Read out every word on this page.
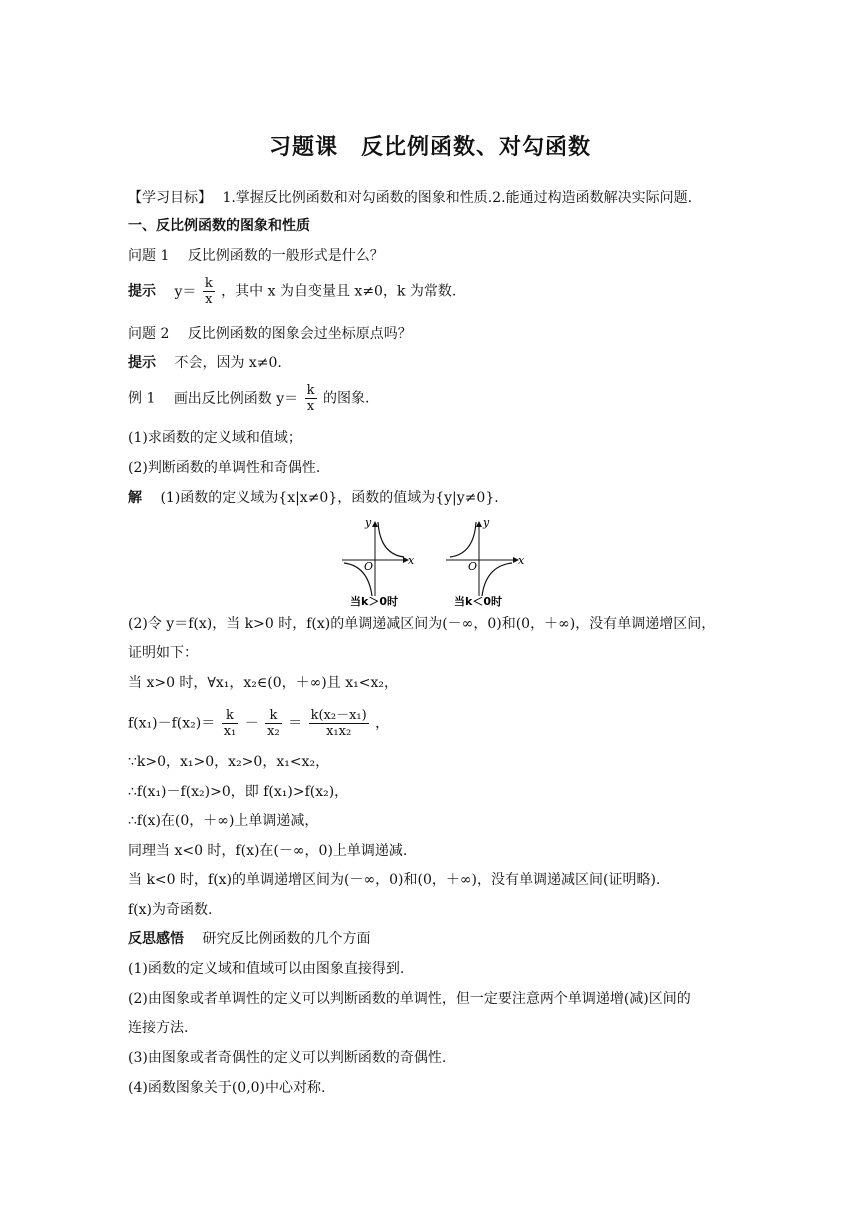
习题课　反比例函数、对勾函数
【学习目标】 1.掌握反比例函数和对勾函数的图象和性质.2.能通过构造函数解决实际问题.
一、反比例函数的图象和性质
问题 1 反比例函数的一般形式是什么？
提示 $y= \frac{k}{x}$ ，其中 x 为自变量且 x≠0，k 为常数.
问题 2 反比例函数的图象会过坐标原点吗？
提示 不会，因为 x≠0.
例 1 画出反比例函数 $y= \frac{k}{x}$ 的图象.
(1)求函数的定义域和值域；
(2)判断函数的单调性和奇偶性.
解 (1)函数的定义域为{x|x≠0}，函数的值域为{y|y≠0}.
y
x
O
当k＞0时
y
x
O
当k＜0时
(2)令 y＝f(x)，当 k>0 时，f(x)的单调递减区间为(－∞，0)和(0，＋∞)，没有单调递增区间，
证明如下：
当 x>0 时，∀x₁，x₂∈(0，＋∞)且 x₁<x₂，
$f(x_1)-f(x_2)= \frac{k}{\text{x₁}} - \frac{k}{\text{x₂}} = \frac{\text{k(x₂－x₁)}}{\text{x₁x₂}}$ ，
∵k>0，x₁>0，x₂>0，x₁<x₂，
∴f(x₁)－f(x₂)>0，即 f(x₁)>f(x₂)，
∴f(x)在(0，＋∞)上单调递减，
同理当 x<0 时，f(x)在(－∞，0)上单调递减.
当 k<0 时，f(x)的单调递增区间为(－∞，0)和(0，＋∞)，没有单调递减区间(证明略).
f(x)为奇函数.
反思感悟 研究反比例函数的几个方面
(1)函数的定义域和值域可以由图象直接得到.
(2)由图象或者单调性的定义可以判断函数的单调性，但一定要注意两个单调递增(减)区间的
连接方法.
(3)由图象或者奇偶性的定义可以判断函数的奇偶性.
(4)函数图象关于(0,0)中心对称.
